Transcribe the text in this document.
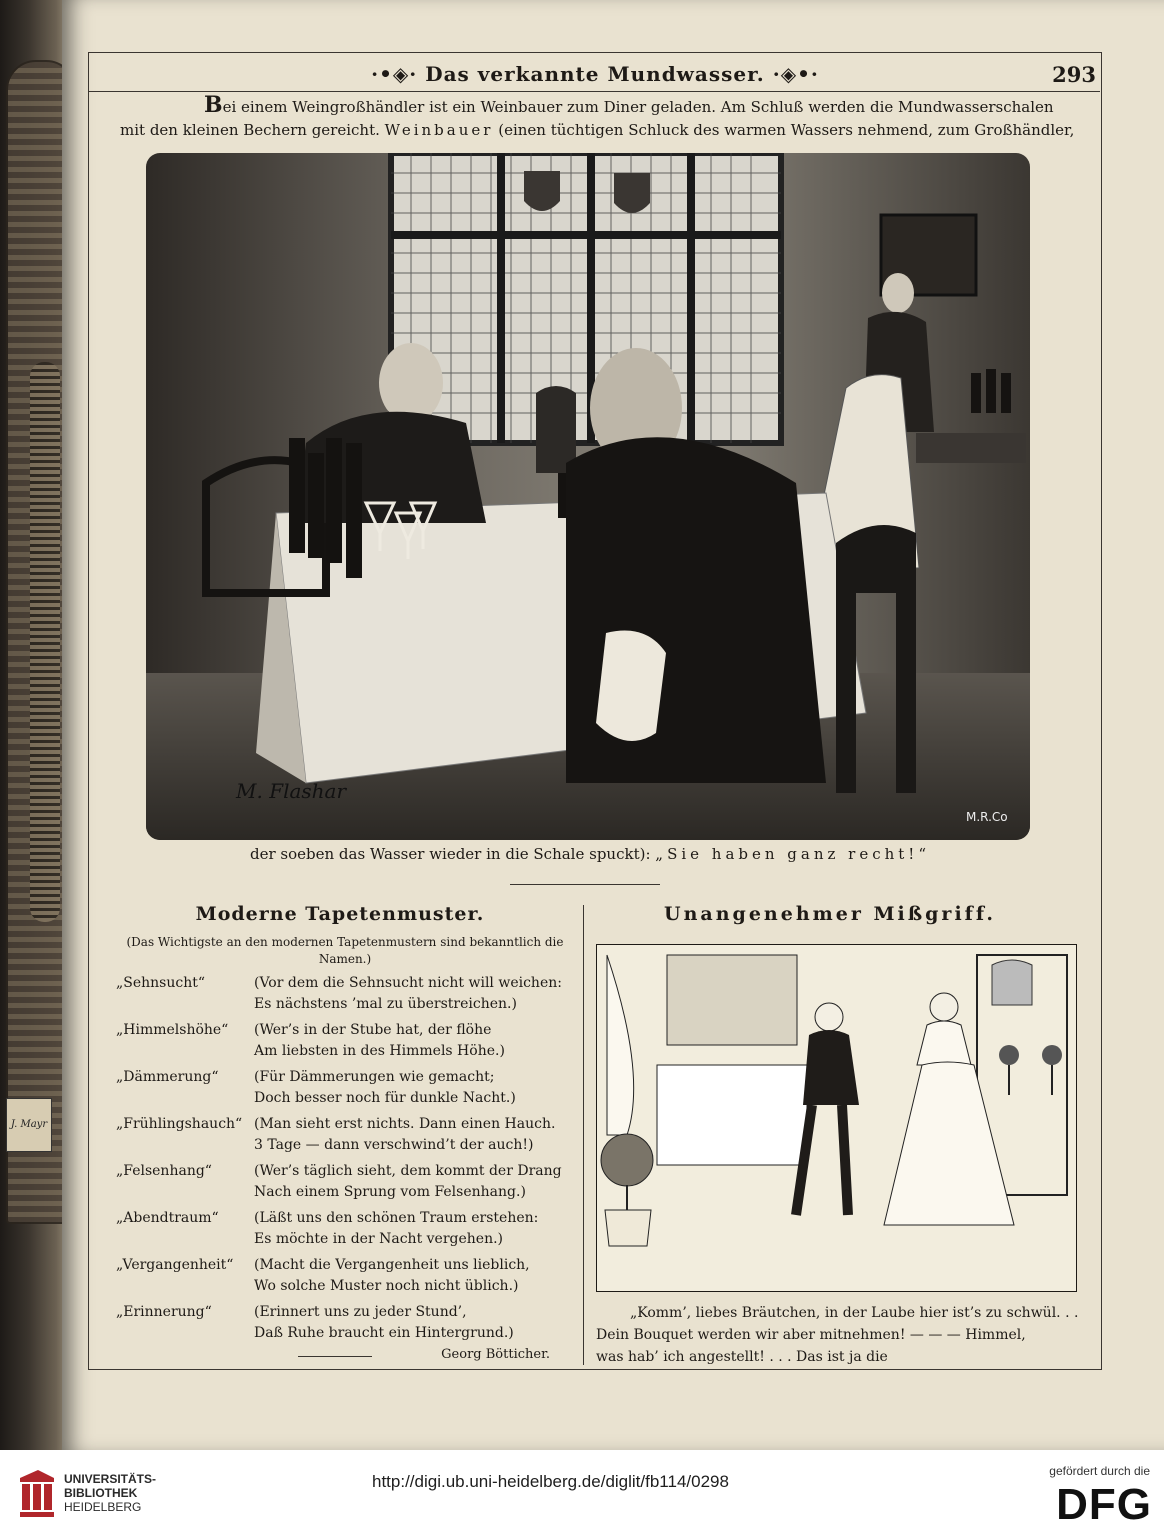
J. Mayr
·•◈· Das verkannte Mundwasser. ·◈•·	293
Bei einem Weingroßhändler ist ein Weinbauer zum Diner geladen. Am Schluß werden die Mundwasserschalen
mit den kleinen Bechern gereicht. Weinbauer (einen tüchtigen Schluck des warmen Wassers nehmend, zum Großhändler,
M. Flashar
M.R.Co
der soeben das Wasser wieder in die Schale spuckt): „Sie haben ganz recht!“
Moderne Tapetenmuster.
(Das Wichtigste an den modernen Tapetenmustern sind bekanntlich die Namen.)
„Sehnsucht“	(Vor dem die Sehnsucht nicht will weichen:
Es nächstens ’mal zu überstreichen.)
„Himmelshöhe“	(Wer’s in der Stube hat, der flöhe
Am liebsten in des Himmels Höhe.)
„Dämmerung“	(Für Dämmerungen wie gemacht;
Doch besser noch für dunkle Nacht.)
„Frühlingshauch“ (Man sieht erst nichts. Dann einen Hauch.
3 Tage — dann verschwind’t der auch!)
„Felsenhang“	(Wer’s täglich sieht, dem kommt der Drang
Nach einem Sprung vom Felsenhang.)
„Abendtraum“	(Läßt uns den schönen Traum erstehen:
Es möchte in der Nacht vergehen.)
„Vergangenheit“	(Macht die Vergangenheit uns lieblich,
Wo solche Muster noch nicht üblich.)
„Erinnerung“	(Erinnert uns zu jeder Stund’,
Daß Ruhe braucht ein Hintergrund.)
Georg Bötticher.
Unangenehmer Mißgriff.
„Komm’, liebes Bräutchen, in der Laube hier ist’s zu schwül. . .
Dein Bouquet werden wir aber mitnehmen! — — — Himmel,
was hab’ ich angestellt! . . . Das ist ja die
UNIVERSITÄTS-
BIBLIOTHEK
HEIDELBERG
http://digi.ub.uni-heidelberg.de/diglit/fb114/0298
gefördert durch die
DFG
